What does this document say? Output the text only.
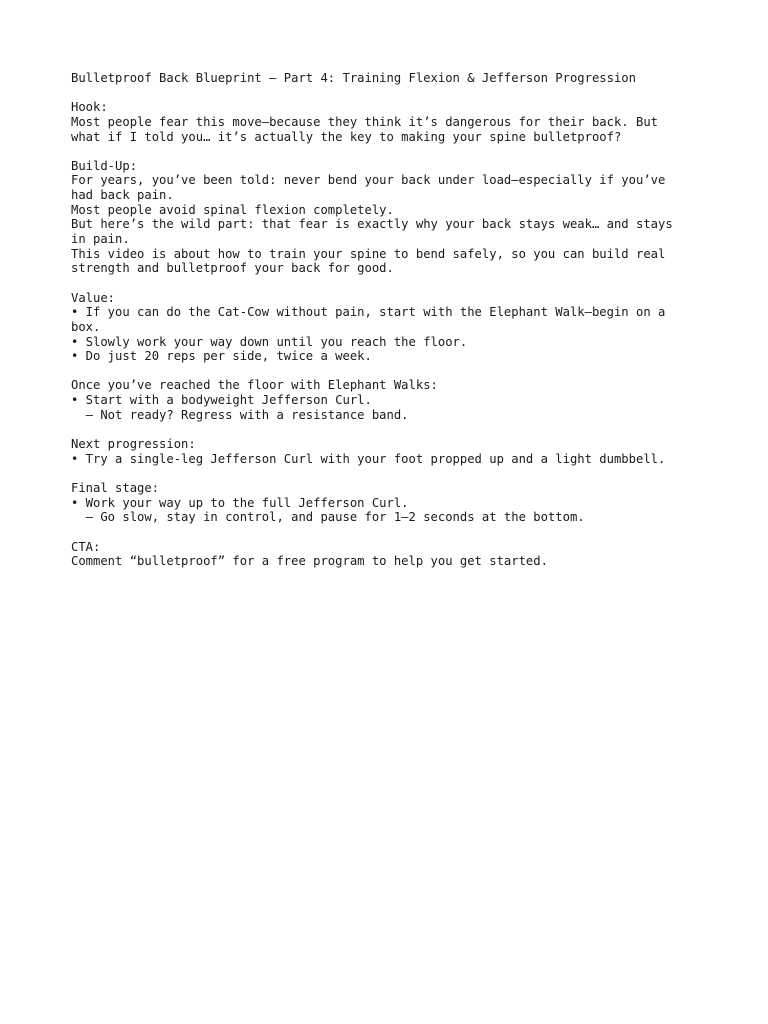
Bulletproof Back Blueprint – Part 4: Training Flexion & Jefferson Progression
Hook:
Most people fear this move—because they think it’s dangerous for their back. But
what if I told you… it’s actually the key to making your spine bulletproof?
Build-Up:
For years, you’ve been told: never bend your back under load—especially if you’ve
had back pain.
Most people avoid spinal flexion completely.
But here’s the wild part: that fear is exactly why your back stays weak… and stays
in pain.
This video is about how to train your spine to bend safely, so you can build real
strength and bulletproof your back for good.
Value:
• If you can do the Cat-Cow without pain, start with the Elephant Walk—begin on a
box.
• Slowly work your way down until you reach the floor.
• Do just 20 reps per side, twice a week.
Once you’ve reached the floor with Elephant Walks:
• Start with a bodyweight Jefferson Curl.
– Not ready? Regress with a resistance band.
Next progression:
• Try a single-leg Jefferson Curl with your foot propped up and a light dumbbell.
Final stage:
• Work your way up to the full Jefferson Curl.
– Go slow, stay in control, and pause for 1–2 seconds at the bottom.
CTA:
Comment “bulletproof” for a free program to help you get started.
